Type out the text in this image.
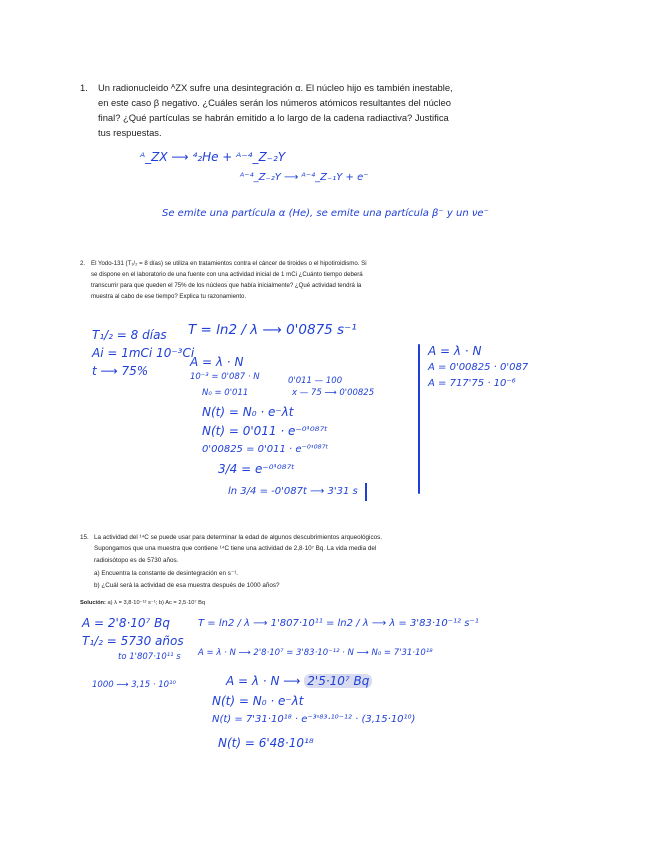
1. Un radionucleido ᴬZX sufre una desintegración α. El núcleo hijo es también inestable, en este caso β negativo. ¿Cuáles serán los números atómicos resultantes del núcleo final? ¿Qué partículas se habrán emitido a lo largo de la cadena radiactiva? Justifica tus respuestas.
ᴬ_ZX ⟶ ⁴₂He + ᴬ⁻⁴_Z₋₂Y
ᴬ⁻⁴_Z₋₂Y ⟶ ᴬ⁻⁴_Z₋₁Y + e⁻
Se emite una partícula α (He), se emite una partícula β⁻ y un νe⁻
2. El Yodo-131 (T₁/₂ = 8 días) se utiliza en tratamientos contra el cáncer de tiroides o el hipotiroidismo. Si se dispone en el laboratorio de una fuente con una actividad inicial de 1 mCi ¿Cuánto tiempo deberá transcurrir para que queden el 75% de los núcleos que había inicialmente? ¿Qué actividad tendrá la muestra al cabo de ese tiempo? Explica tu razonamiento.
T₁/₂ = 8 días
Ai = 1mCi 10⁻³Ci
t ⟶ 75%
T = ln2 / λ ⟶ 0'0875 s⁻¹
A = λ · N
10⁻³ = 0'087 · N
N₀ = 0'011
0'011 — 100
x — 75 ⟶ 0'00825
N(t) = N₀ · e⁻λt
N(t) = 0'011 · e⁻⁰'⁰⁸⁷ᵗ
0'00825 = 0'011 · e⁻⁰'⁰⁸⁷ᵗ
3/4 = e⁻⁰'⁰⁸⁷ᵗ
ln 3/4 = -0'087t ⟶ 3'31 s
A = λ · N
A = 0'00825 · 0'087
A = 717'75 · 10⁻⁶
15. La actividad del ¹⁴C se puede usar para determinar la edad de algunos descubrimientos arqueológicos. Supongamos que una muestra que contiene ¹⁴C tiene una actividad de 2,8·10⁷ Bq. La vida media del radioisótopo es de 5730 años.
a) Encuentra la constante de desintegración en s⁻¹.
b) ¿Cuál será la actividad de esa muestra después de 1000 años?
Solución: a) λ = 3,8·10⁻¹² s⁻¹; b) Ac = 2,5·10⁷ Bq
A = 2'8·10⁷ Bq
T₁/₂ = 5730 años
to 1'807·10¹¹ s
1000 ⟶ 3,15 · 10¹⁰
T = ln2 / λ ⟶ 1'807·10¹¹ = ln2 / λ ⟶ λ = 3'83·10⁻¹² s⁻¹
A = λ · N ⟶ 2'8·10⁷ = 3'83·10⁻¹² · N ⟶ N₀ = 7'31·10¹⁸
A = λ · N ⟶ 2'5·10⁷ Bq
N(t) = N₀ · e⁻λt
N(t) = 7'31·10¹⁸ · e⁻³'⁸³·¹⁰⁻¹² · (3,15·10¹⁰)
N(t) = 6'48·10¹⁸
